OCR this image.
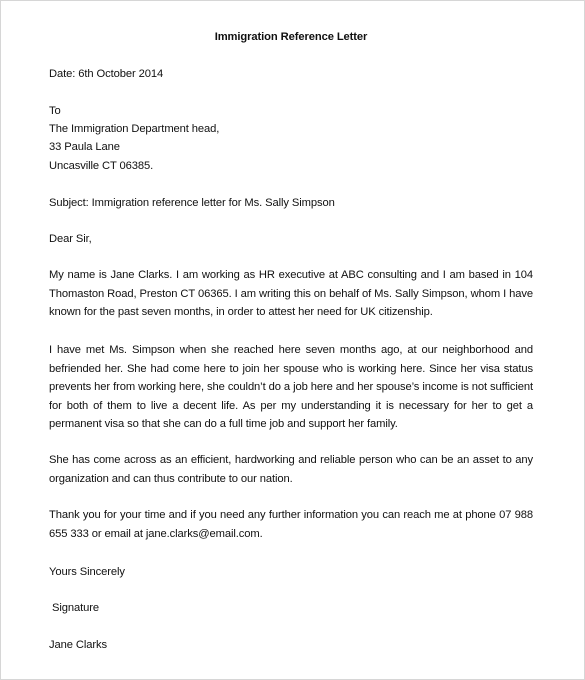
Immigration Reference Letter
Date: 6th October 2014
To
The Immigration Department head,
33 Paula Lane
Uncasville CT 06385.
Subject: Immigration reference letter for Ms. Sally Simpson
Dear Sir,
My name is Jane Clarks. I am working as HR executive at ABC consulting and I am based in 104 Thomaston Road, Preston CT 06365. I am writing this on behalf of Ms. Sally Simpson, whom I have known for the past seven months, in order to attest her need for UK citizenship.
I have met Ms. Simpson when she reached here seven months ago, at our neighborhood and befriended her. She had come here to join her spouse who is working here. Since her visa status prevents her from working here, she couldn’t do a job here and her spouse’s income is not sufficient for both of them to live a decent life. As per my understanding it is necessary for her to get a permanent visa so that she can do a full time job and support her family.
She has come across as an efficient, hardworking and reliable person who can be an asset to any organization and can thus contribute to our nation.
Thank you for your time and if you need any further information you can reach me at phone 07 988 655 333 or email at jane.clarks@email.com.
Yours Sincerely
Signature
Jane Clarks
